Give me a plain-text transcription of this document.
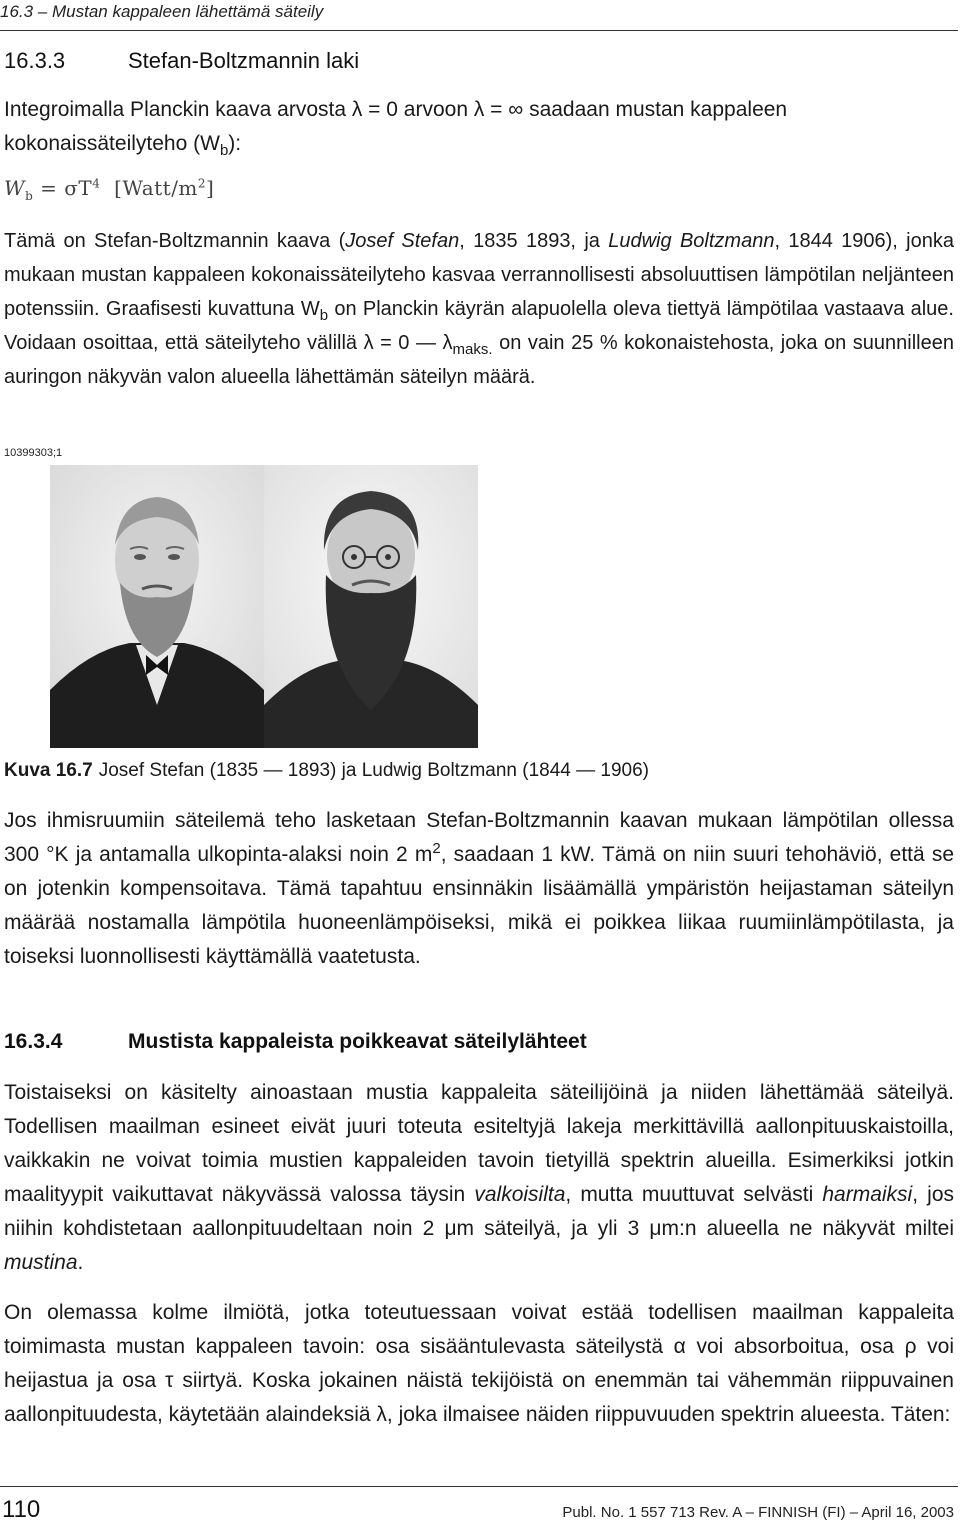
16.3 – Mustan kappaleen lähettämä säteily
16.3.3	Stefan-Boltzmannin laki

Integroimalla Planckin kaava arvosta λ = 0 arvoon λ = ∞ saadaan mustan kappaleen
kokonaissäteilyteho $(W_b)$:

$W_b = \sigma T^4$  $[Watt/m^2]$

Tämä on Stefan-Boltzmannin kaava (Josef Stefan, 1835 1893, ja Ludwig Boltzmann, 1844 1906), jonka mukaan mustan kappaleen kokonaissäteilyteho kasvaa verrannollisesti absoluuttisen lämpötilan neljänteen potenssiin. Graafisesti kuvattuna $W_b$ on Planckin käyrän alapuolella oleva tiettyä lämpötilaa vastaava alue. Voidaan osoittaa, että säteilyteho välillä λ = 0 — $\lambda_{maks.}$ on vain 25 % kokonaistehosta, joka on suunnilleen auringon näkyvän valon alueella lähettämän säteilyn määrä.

10399303;1
Kuva 16.7 Josef Stefan (1835 — 1893) ja Ludwig Boltzmann (1844 — 1906)

Jos ihmisruumiin säteilemä teho lasketaan Stefan-Boltzmannin kaavan mukaan lämpötilan ollessa 300 °K ja antamalla ulkopinta-alaksi noin 2 $m^2$, saadaan 1 kW. Tämä on niin suuri tehohäviö, että se on jotenkin kompensoitava. Tämä tapahtuu ensinnäkin lisäämällä ympäristön heijastaman säteilyn määrää nostamalla lämpötila huoneenlämpöiseksi, mikä ei poikkea liikaa ruumiinlämpötilasta, ja toiseksi luonnollisesti käyttämällä vaatetusta.

16.3.4	Mustista kappaleista poikkeavat säteilylähteet

Toistaiseksi on käsitelty ainoastaan mustia kappaleita säteilijöinä ja niiden lähettämää säteilyä. Todellisen maailman esineet eivät juuri toteuta esiteltyjä lakeja merkittävillä aallonpituuskaistoilla, vaikkakin ne voivat toimia mustien kappaleiden tavoin tietyillä spektrin alueilla. Esimerkiksi jotkin maalityypit vaikuttavat näkyvässä valossa täysin valkoisilta, mutta muuttuvat selvästi harmaiksi, jos niihin kohdistetaan aallonpituudeltaan noin 2 μm säteilyä, ja yli 3 μm:n alueella ne näkyvät miltei mustina.

On olemassa kolme ilmiötä, jotka toteutuessaan voivat estää todellisen maailman kappaleita toimimasta mustan kappaleen tavoin: osa sisääntulevasta säteilystä α voi absorboitua, osa ρ voi heijastua ja osa τ siirtyä. Koska jokainen näistä tekijöistä on enemmän tai vähemmän riippuvainen aallonpituudesta, käytetään alaindeksiä λ, joka ilmaisee näiden riippuvuuden spektrin alueesta. Täten:

110	Publ. No. 1 557 713 Rev. A – FINNISH (FI) – April 16, 2003
